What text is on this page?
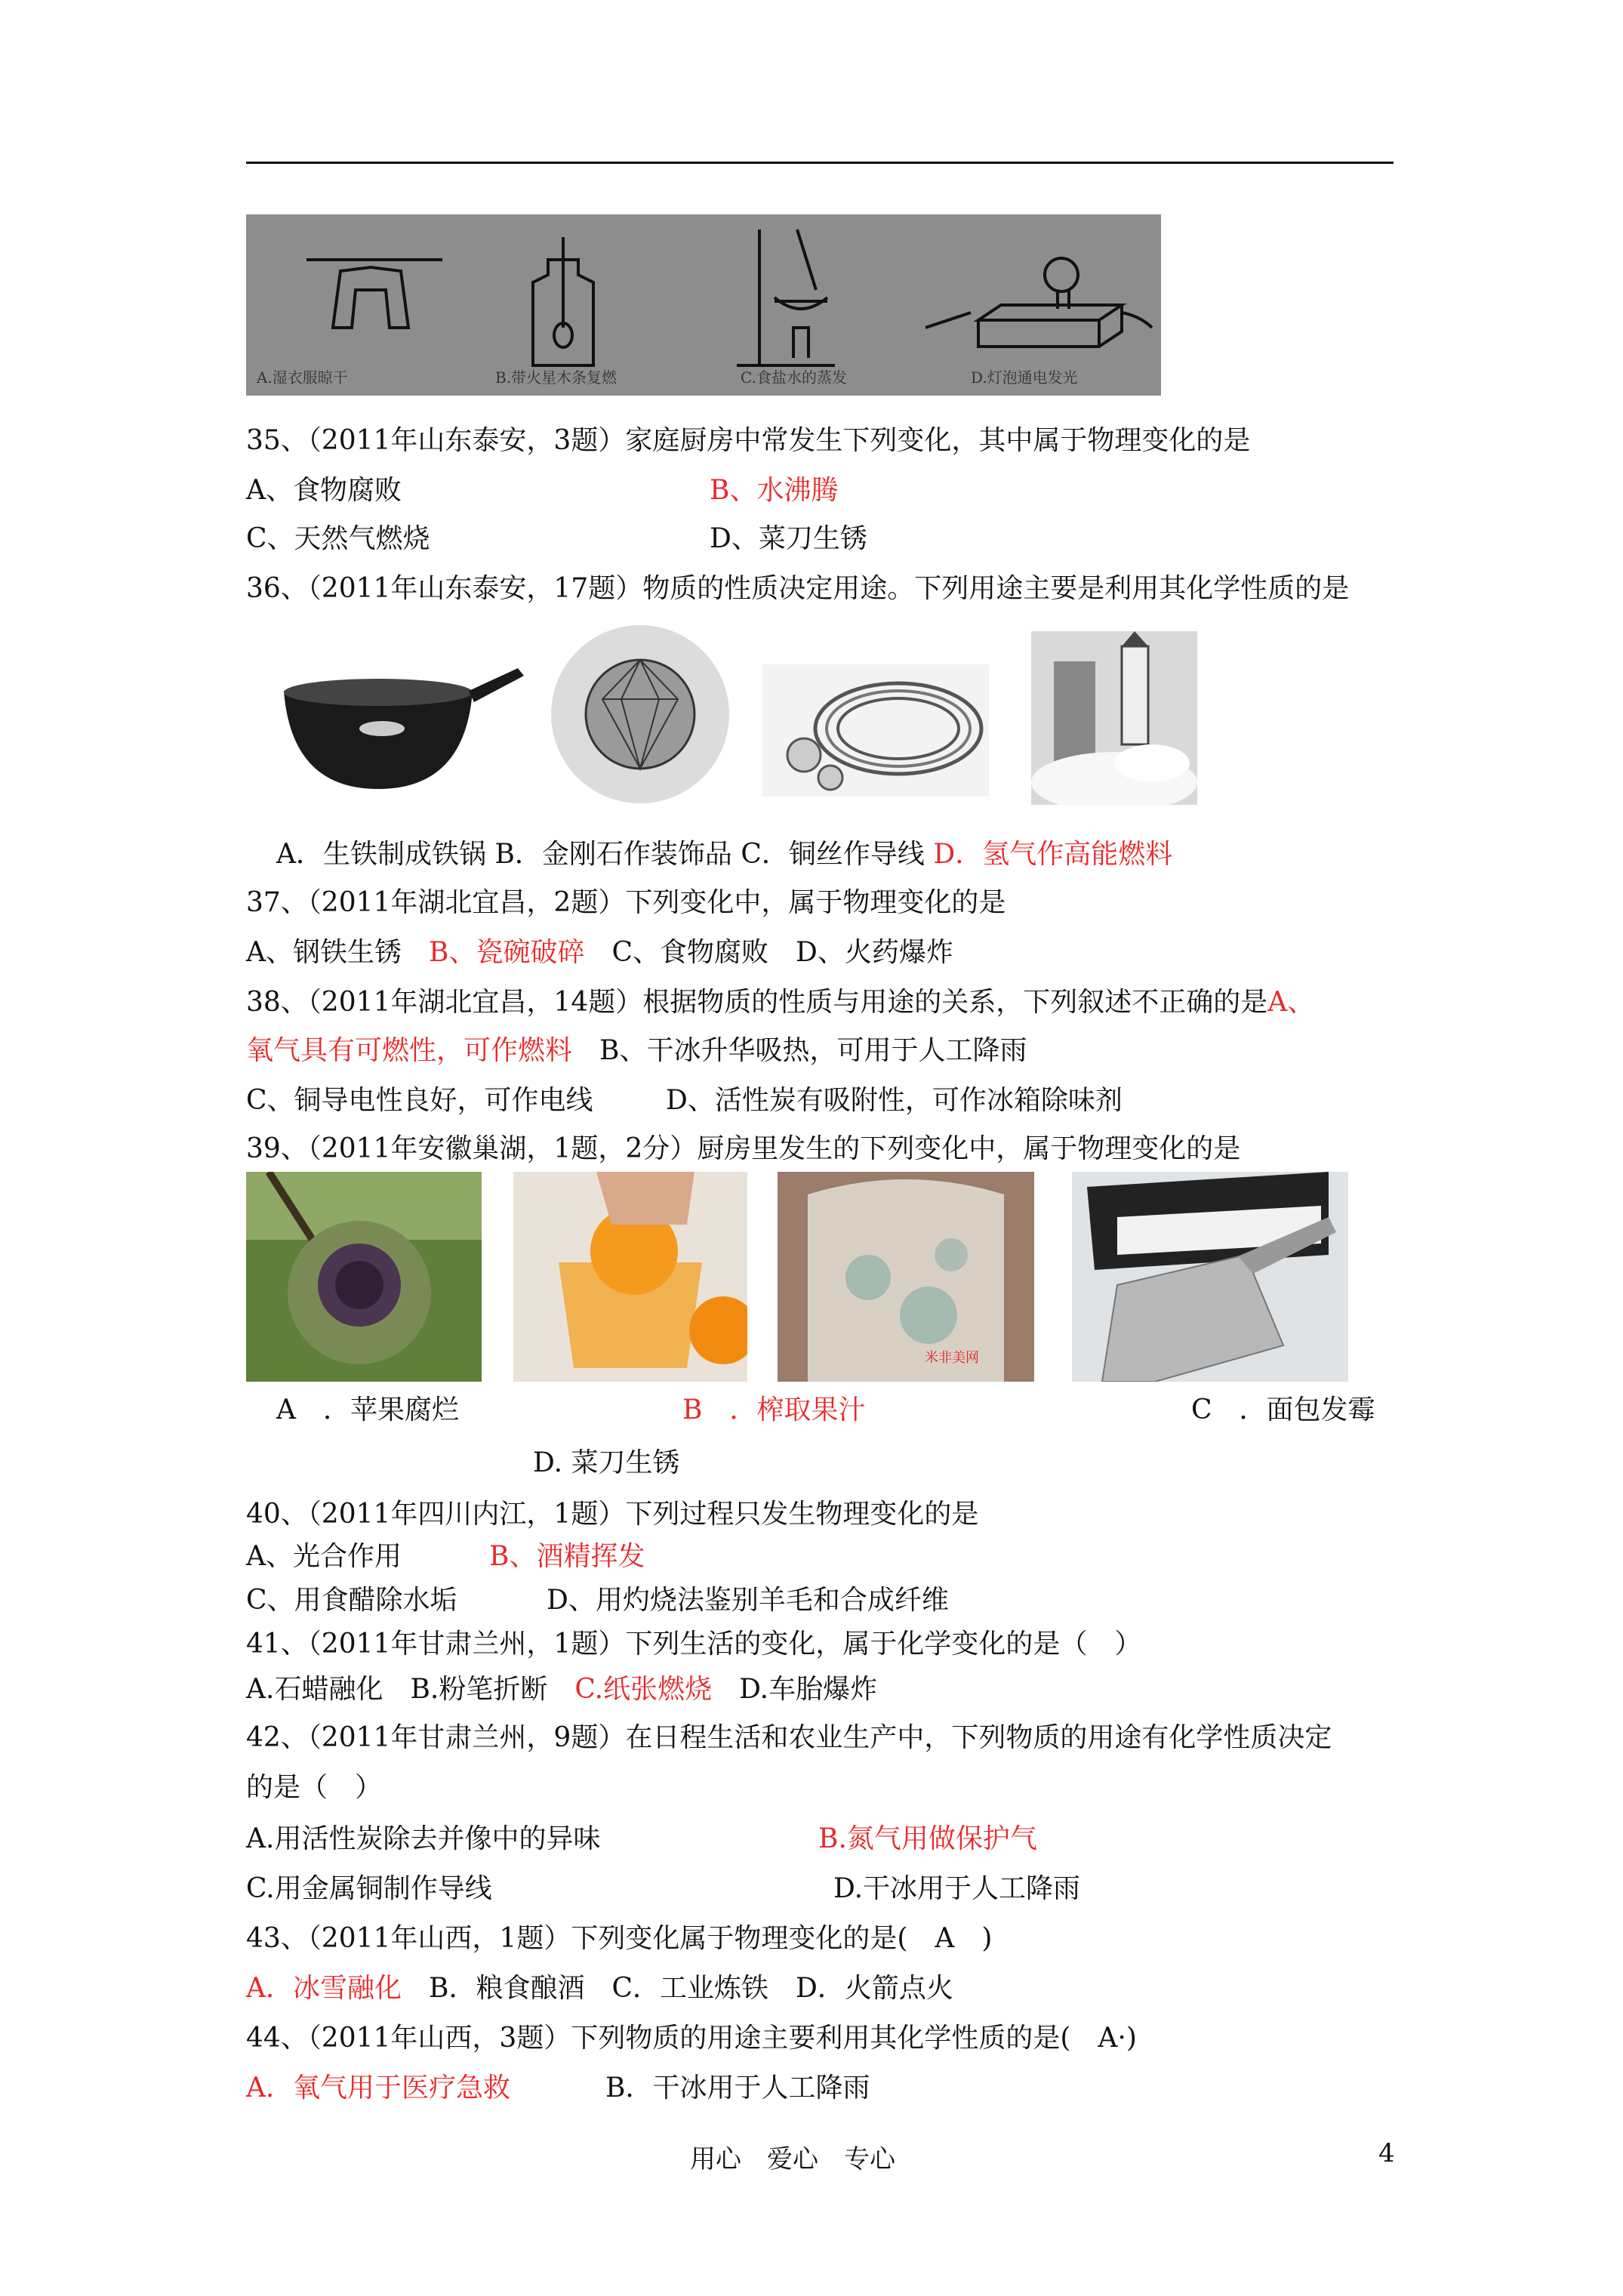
A.湿衣服晾干	B.带火星木条复燃	C.食盐水的蒸发	D.灯泡通电发光
35、（2011年山东泰安，3题）家庭厨房中常发生下列变化，其中属于物理变化的是
A、食物腐败	B、水沸腾
C、天然气燃烧	D、菜刀生锈
36、（2011年山东泰安，17题）物质的性质决定用途。下列用途主要是利用其化学性质的是
A．生铁制成铁锅 B．金刚石作装饰品 C．铜丝作导线 D．氢气作高能燃料
37、（2011年湖北宜昌，2题）下列变化中，属于物理变化的是
A、钢铁生锈　 B、瓷碗破碎　 C、食物腐败　D、火药爆炸
38、（2011年湖北宜昌，14题）根据物质的性质与用途的关系，下列叙述不正确的是A、
氧气具有可燃性，可作燃料　 B、干冰升华吸热，可用于人工降雨
C、铜导电性良好，可作电线	D、活性炭有吸附性，可作冰箱除味剂
39、（2011年安徽巢湖，1题，2分）厨房里发生的下列变化中，属于物理变化的是
米非美网
A　．苹果腐烂	B　．榨取果汁	C　．面包发霉
D. 菜刀生锈
40、（2011年四川内江，1题）下列过程只发生物理变化的是
A、光合作用	B、酒精挥发
C、用食醋除水垢	D、用灼烧法鉴别羊毛和合成纤维
41、（2011年甘肃兰州，1题）下列生活的变化，属于化学变化的是（　）
A.石蜡融化　B.粉笔折断　 C.纸张燃烧　 D.车胎爆炸
42、（2011年甘肃兰州，9题）在日程生活和农业生产中，下列物质的用途有化学性质决定
的是（　）
A.用活性炭除去并像中的异味	B.氮气用做保护气
C.用金属铜制作导线	D.干冰用于人工降雨
43、（2011年山西，1题）下列变化属于物理变化的是(　A　)
A．冰雪融化　 B．粮食酿酒　C．工业炼铁　D．火箭点火
44、（2011年山西，3题）下列物质的用途主要利用其化学性质的是(　A·)
A．氧气用于医疗急救	B．干冰用于人工降雨
用心　爱心　专心	4
